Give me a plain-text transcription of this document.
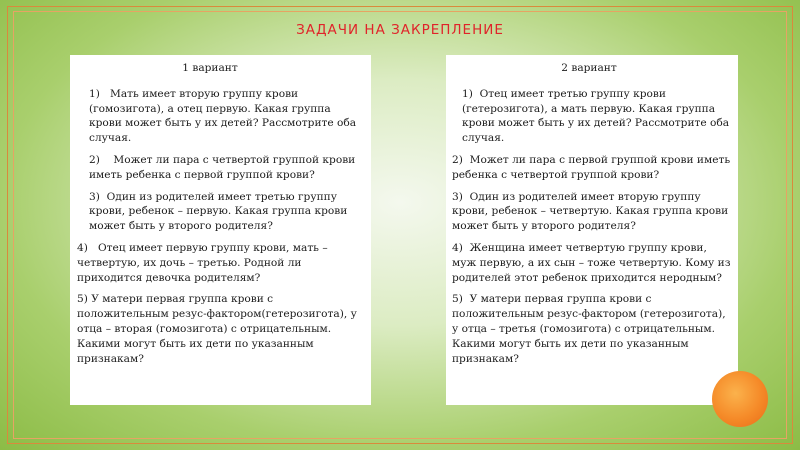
ЗАДАЧИ НА ЗАКРЕПЛЕНИЕ
1 вариант
1)   Мать имеет вторую группу крови (гомозигота), а отец первую. Какая группа крови может быть у их детей? Рассмотрите оба случая.
2)    Может ли пара с четвертой группой крови иметь ребенка с первой группой крови?
3)  Один из родителей имеет третью группу крови, ребенок – первую. Какая группа крови может быть у второго родителя?
4)   Отец имеет первую группу крови, мать – четвертую, их дочь – третью. Родной ли приходится девочка родителям?
5) У матери первая группа крови с положительным резус-фактором(гетерозигота), у отца – вторая (гомозигота) с отрицательным. Какими могут быть их дети по указанным признакам?
2 вариант
1)  Отец имеет третью группу крови (гетерозигота), а мать первую. Какая группа крови может быть у их детей? Рассмотрите оба случая.
2)  Может ли пара с первой группой крови иметь ребенка с четвертой группой крови?
3)  Один из родителей имеет вторую группу крови, ребенок – четвертую. Какая группа крови может быть у второго родителя?
4)  Женщина имеет четвертую группу крови, муж первую, а их сын – тоже четвертую. Кому из родителей этот ребенок приходится неродным?
5)  У матери первая группа крови с положительным резус-фактором (гетерозигота), у отца – третья (гомозигота) с отрицательным. Какими могут быть их дети по указанным признакам?
